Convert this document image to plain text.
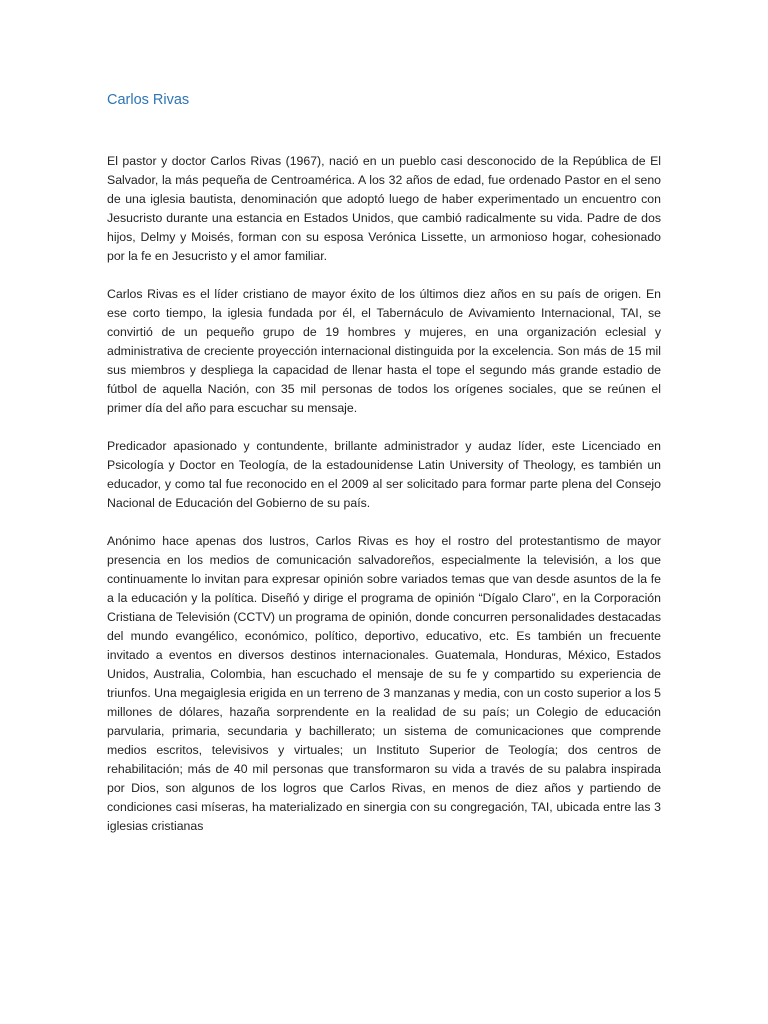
Carlos Rivas

El pastor y doctor Carlos Rivas (1967), nació en un pueblo casi desconocido de la República de El Salvador, la más pequeña de Centroamérica. A los 32 años de edad, fue ordenado Pastor en el seno de una iglesia bautista, denominación que adoptó luego de haber experimentado un encuentro con Jesucristo durante una estancia en Estados Unidos, que cambió radicalmente su vida. Padre de dos hijos, Delmy y Moisés, forman con su esposa Verónica Lissette, un armonioso hogar, cohesionado por la fe en Jesucristo y el amor familiar.

Carlos Rivas es el líder cristiano de mayor éxito de los últimos diez años en su país de origen. En ese corto tiempo, la iglesia fundada por él, el Tabernáculo de Avivamiento Internacional, TAI, se convirtió de un pequeño grupo de 19 hombres y mujeres, en una organización eclesial y administrativa de creciente proyección internacional distinguida por la excelencia. Son más de 15 mil sus miembros y despliega la capacidad de llenar hasta el tope el segundo más grande estadio de fútbol de aquella Nación, con 35 mil personas de todos los orígenes sociales, que se reúnen el primer día del año para escuchar su mensaje.

Predicador apasionado y contundente, brillante administrador y audaz líder, este Licenciado en Psicología y Doctor en Teología, de la estadounidense Latin University of Theology, es también un educador, y como tal fue reconocido en el 2009 al ser solicitado para formar parte plena del Consejo Nacional de Educación del Gobierno de su país.

Anónimo hace apenas dos lustros, Carlos Rivas es hoy el rostro del protestantismo de mayor presencia en los medios de comunicación salvadoreños, especialmente la televisión, a los que continuamente lo invitan para expresar opinión sobre variados temas que van desde asuntos de la fe a la educación y la política. Diseñó y dirige el programa de opinión “Dígalo Claro”, en la Corporación Cristiana de Televisión (CCTV) un programa de opinión, donde concurren personalidades destacadas del mundo evangélico, económico, político, deportivo, educativo, etc. Es también un frecuente invitado a eventos en diversos destinos internacionales. Guatemala, Honduras, México, Estados Unidos, Australia, Colombia, han escuchado el mensaje de su fe y compartido su experiencia de triunfos. Una megaiglesia erigida en un terreno de 3 manzanas y media, con un costo superior a los 5 millones de dólares, hazaña sorprendente en la realidad de su país; un Colegio de educación parvularia, primaria, secundaria y bachillerato; un sistema de comunicaciones que comprende medios escritos, televisivos y virtuales; un Instituto Superior de Teología; dos centros de rehabilitación; más de 40 mil personas que transformaron su vida a través de su palabra inspirada por Dios, son algunos de los logros que Carlos Rivas, en menos de diez años y partiendo de condiciones casi míseras, ha materializado en sinergia con su congregación, TAI, ubicada entre las 3 iglesias cristianas
